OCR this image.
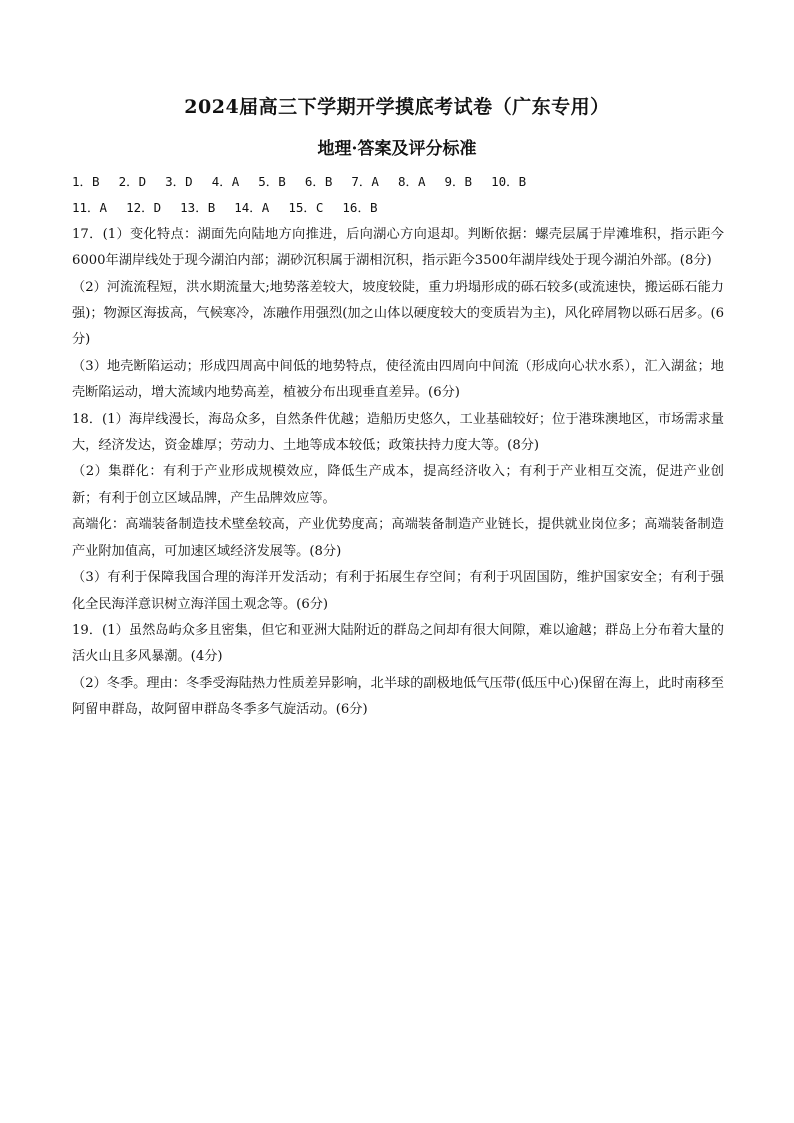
2024届高三下学期开学摸底考试卷（广东专用）
地理·答案及评分标准
1．B 2．D 3．D 4．A 5．B 6．B 7．A 8．A 9．B 10．B
11．A 12．D 13．B 14．A 15．C 16．B

17．(1）变化特点：湖面先向陆地方向推进，后向湖心方向退却。判断依据：螺壳层属于岸滩堆积，指示距今6000年湖岸线处于现今湖泊内部；湖砂沉积属于湖相沉积，指示距今3500年湖岸线处于现今湖泊外部。(8分)

（2）河流流程短，洪水期流量大;地势落差较大，坡度较陡，重力坍塌形成的砾石较多(或流速快，搬运砾石能力强)；物源区海拔高，气候寒冷，冻融作用强烈(加之山体以硬度较大的变质岩为主)，风化碎屑物以砾石居多。(6分)

（3）地壳断陷运动；形成四周高中间低的地势特点，使径流由四周向中间流（形成向心状水系），汇入湖盆；地壳断陷运动，增大流域内地势高差，植被分布出现垂直差异。(6分)

18．(1）海岸线漫长，海岛众多，自然条件优越；造船历史悠久，工业基础较好；位于港珠澳地区，市场需求量大，经济发达，资金雄厚；劳动力、土地等成本较低；政策扶持力度大等。(8分)

（2）集群化：有利于产业形成规模效应，降低生产成本，提高经济收入；有利于产业相互交流，促进产业创新；有利于创立区域品牌，产生品牌效应等。

高端化：高端装备制造技术壁垒较高，产业优势度高；高端装备制造产业链长，提供就业岗位多；高端装备制造产业附加值高，可加速区域经济发展等。(8分)

（3）有利于保障我国合理的海洋开发活动；有利于拓展生存空间；有利于巩固国防，维护国家安全；有利于强化全民海洋意识树立海洋国土观念等。(6分)

19．(1）虽然岛屿众多且密集，但它和亚洲大陆附近的群岛之间却有很大间隙，难以逾越；群岛上分布着大量的活火山且多风暴潮。(4分)

（2）冬季。理由：冬季受海陆热力性质差异影响，北半球的副极地低气压带(低压中心)保留在海上，此时南移至阿留申群岛，故阿留申群岛冬季多气旋活动。(6分)
